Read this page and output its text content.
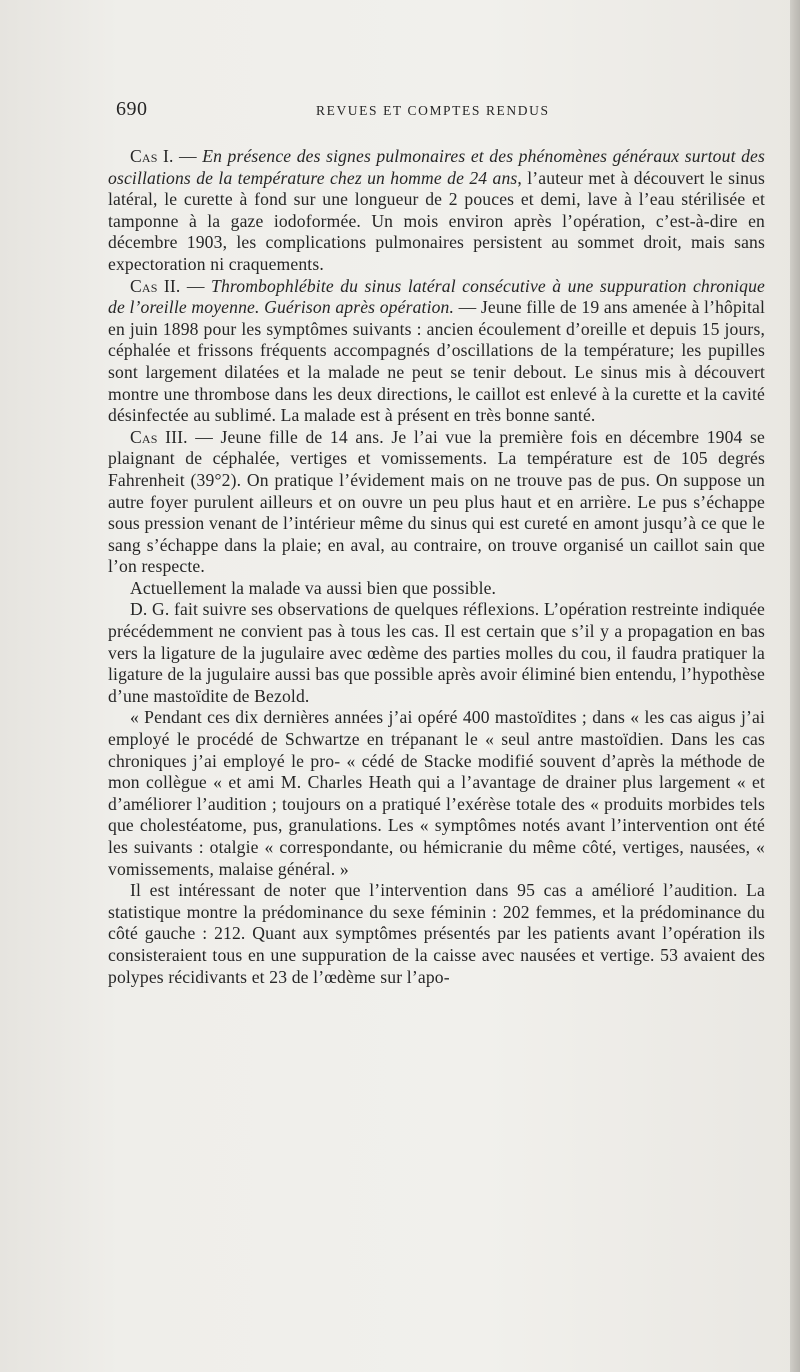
690	REVUES ET COMPTES RENDUS

Cas I. — En présence des signes pulmonaires et des phénomènes généraux surtout des oscillations de la température chez un homme de 24 ans, l’auteur met à découvert le sinus latéral, le curette à fond sur une longueur de 2 pouces et demi, lave à l’eau stérilisée et tamponne à la gaze iodoformée. Un mois environ après l’opération, c’est-à-dire en décembre 1903, les complications pulmonaires persistent au sommet droit, mais sans expectoration ni craquements.

Cas II. — Thrombophlébite du sinus latéral consécutive à une suppuration chronique de l’oreille moyenne. Guérison après opération. — Jeune fille de 19 ans amenée à l’hôpital en juin 1898 pour les symptômes suivants : ancien écoulement d’oreille et depuis 15 jours, céphalée et frissons fréquents accompagnés d’oscillations de la température; les pupilles sont largement dilatées et la malade ne peut se tenir debout. Le sinus mis à découvert montre une thrombose dans les deux directions, le caillot est enlevé à la curette et la cavité désinfectée au sublimé. La malade est à présent en très bonne santé.

Cas III. — Jeune fille de 14 ans. Je l’ai vue la première fois en décembre 1904 se plaignant de céphalée, vertiges et vomissements. La température est de 105 degrés Fahrenheit (39°2). On pratique l’évidement mais on ne trouve pas de pus. On suppose un autre foyer purulent ailleurs et on ouvre un peu plus haut et en arrière. Le pus s’échappe sous pression venant de l’intérieur même du sinus qui est cureté en amont jusqu’à ce que le sang s’échappe dans la plaie; en aval, au contraire, on trouve organisé un caillot sain que l’on respecte.

Actuellement la malade va aussi bien que possible.

D. G. fait suivre ses observations de quelques réflexions. L’opération restreinte indiquée précédemment ne convient pas à tous les cas. Il est certain que s’il y a propagation en bas vers la ligature de la jugulaire avec œdème des parties molles du cou, il faudra pratiquer la ligature de la jugulaire aussi bas que possible après avoir éliminé bien entendu, l’hypothèse d’une mastoïdite de Bezold.

« Pendant ces dix dernières années j’ai opéré 400 mastoïdites ; dans « les cas aigus j’ai employé le procédé de Schwartze en trépanant le « seul antre mastoïdien. Dans les cas chroniques j’ai employé le pro- « cédé de Stacke modifié souvent d’après la méthode de mon collègue « et ami M. Charles Heath qui a l’avantage de drainer plus largement « et d’améliorer l’audition ; toujours on a pratiqué l’exérèse totale des « produits morbides tels que cholestéatome, pus, granulations. Les « symptômes notés avant l’intervention ont été les suivants : otalgie « correspondante, ou hémicranie du même côté, vertiges, nausées, « vomissements, malaise général. »

Il est intéressant de noter que l’intervention dans 95 cas a amélioré l’audition. La statistique montre la prédominance du sexe féminin : 202 femmes, et la prédominance du côté gauche : 212. Quant aux symptômes présentés par les patients avant l’opération ils consisteraient tous en une suppuration de la caisse avec nausées et vertige. 53 avaient des polypes récidivants et 23 de l’œdème sur l’apo-
